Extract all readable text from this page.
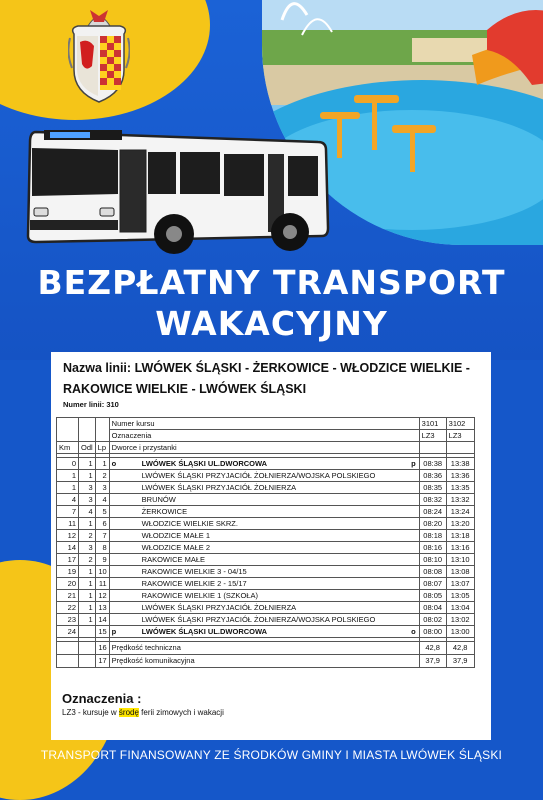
BEZPŁATNY TRANSPORT
WAKACYJNY
Nazwa linii: LWÓWEK ŚLĄSKI - ŻERKOWICE - WŁODZICE WIELKIE -
RAKOWICE WIELKIE - LWÓWEK ŚLĄSKI
Numer linii: 310
			Numer kursu	3101	3102
			Oznaczenia	LZ3	LZ3
Km	Odl	Lp	Dworce i przystanki		

0	1	1	o LWÓWEK ŚLĄSKI UL.DWORCOWA p	08:38	13:38
1	1	2	LWÓWEK ŚLĄSKI PRZYJACIÓŁ ŻOŁNIERZA/WOJSKA POLSKIEGO	08:36	13:36
1	3	3	LWÓWEK ŚLĄSKI PRZYJACIÓŁ ŻOŁNIERZA	08:35	13:35
4	3	4	BRUNÓW	08:32	13:32
7	4	5	ŻERKOWICE	08:24	13:24
11	1	6	WŁODZICE WIELKIE SKRZ.	08:20	13:20
12	2	7	WŁODZICE MAŁE 1	08:18	13:18
14	3	8	WŁODZICE MAŁE 2	08:16	13:16
17	2	9	RAKOWICE MAŁE	08:10	13:10
19	1	10	RAKOWICE WIELKIE 3 - 04/15	08:08	13:08
20	1	11	RAKOWICE WIELKIE 2 - 15/17	08:07	13:07
21	1	12	RAKOWICE WIELKIE 1 (SZKOŁA)	08:05	13:05
22	1	13	LWÓWEK ŚLĄSKI PRZYJACIÓŁ ŻOŁNIERZA	08:04	13:04
23	1	14	LWÓWEK ŚLĄSKI PRZYJACIÓŁ ŻOŁNIERZA/WOJSKA POLSKIEGO	08:02	13:02
24		15	p LWÓWEK ŚLĄSKI UL.DWORCOWA o	08:00	13:00

		16	Prędkość techniczna	42,8	42,8
		17	Prędkość komunikacyjna	37,9	37,9
Oznaczenia :
LZ3 - kursuje w środę ferii zimowych i wakacji
TRANSPORT FINANSOWANY ZE ŚRODKÓW GMINY I MIASTA LWÓWEK ŚLĄSKI
